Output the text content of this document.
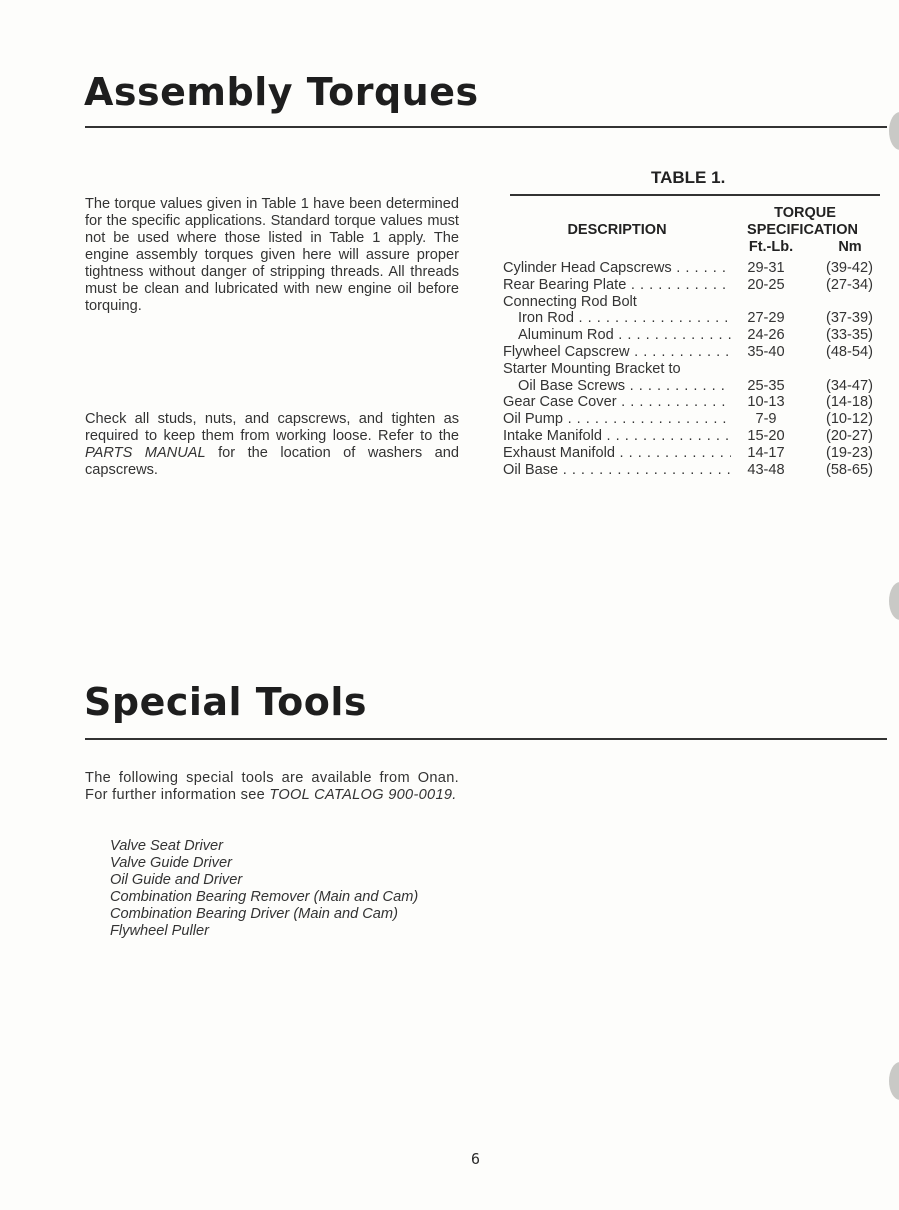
Assembly Torques
The torque values given in Table 1 have been determined for the specific applications. Standard torque values must not be used where those listed in Table 1 apply. The engine assembly torques given here will assure proper tightness without danger of stripping threads. All threads must be clean and lubricated with new engine oil before torquing.
Check all studs, nuts, and capscrews, and tighten as required to keep them from working loose. Refer to the PARTS MANUAL for the location of washers and capscrews.
TABLE 1.
DESCRIPTION
TORQUE
SPECIFICATION
Ft.-Lb.	Nm
Cylinder Head Capscrews . . .	29-31	(39-42)
Rear Bearing Plate . . .	20-25	(27-34)
Connecting Rod Bolt
Iron Rod . . .	27-29	(37-39)
Aluminum Rod . . .	24-26	(33-35)
Flywheel Capscrew . . .	35-40	(48-54)
Starter Mounting Bracket to
Oil Base Screws . . .	25-35	(34-47)
Gear Case Cover . . .	10-13	(14-18)
Oil Pump . . .	7-9	(10-12)
Intake Manifold . . .	15-20	(20-27)
Exhaust Manifold . . .	14-17	(19-23)
Oil Base . . .	43-48	(58-65)
Special Tools
The following special tools are available from Onan. For further information see TOOL CATALOG 900-0019.
Valve Seat Driver
Valve Guide Driver
Oil Guide and Driver
Combination Bearing Remover (Main and Cam)
Combination Bearing Driver (Main and Cam)
Flywheel Puller
6
